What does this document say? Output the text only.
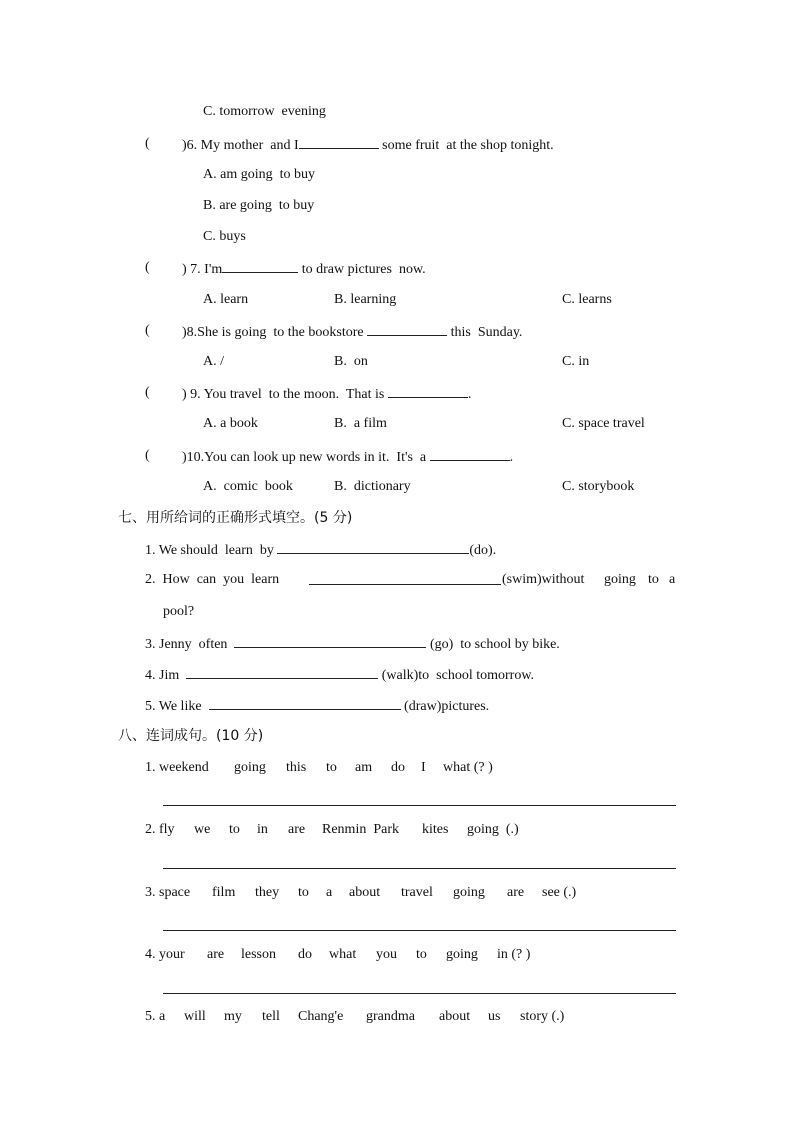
C. tomorrow  evening
( )6. My mother  and I	some fruit  at the shop tonight.
A. am going  to buy
B. are going  to buy
C. buys
( ) 7. I'm	to draw pictures  now.
A. learn	B. learning	C. learns
( )8.She is going  to the bookstore	this  Sunday.
A. /	B.  on	C. in
( ) 9. You travel  to the moon.  That is	.
A. a book	B.  a film	C. space travel
( )10.You can look up new words in it.  It's  a	.
A.  comic  book	B.  dictionary	C. storybook
七、用所给词的正确形式填空。(5 分)
1. We should  learn  by	(do).
2.  How  can  you  learn	(swim)without going to a
pool?
3. Jenny  often	(go)  to school by bike.
4. Jim	(walk)to  school tomorrow.
5. We like	(draw)pictures.
八、连词成句。(10 分)
1. weekend going this to am do I what (? )
2. fly we to in are Renmin  Park kites going  (.)
3. space film they to a about travel going are see (.)
4. your are lesson do what you to going in (? )
5. a will my tell Chang'e grandma about us story (.)
